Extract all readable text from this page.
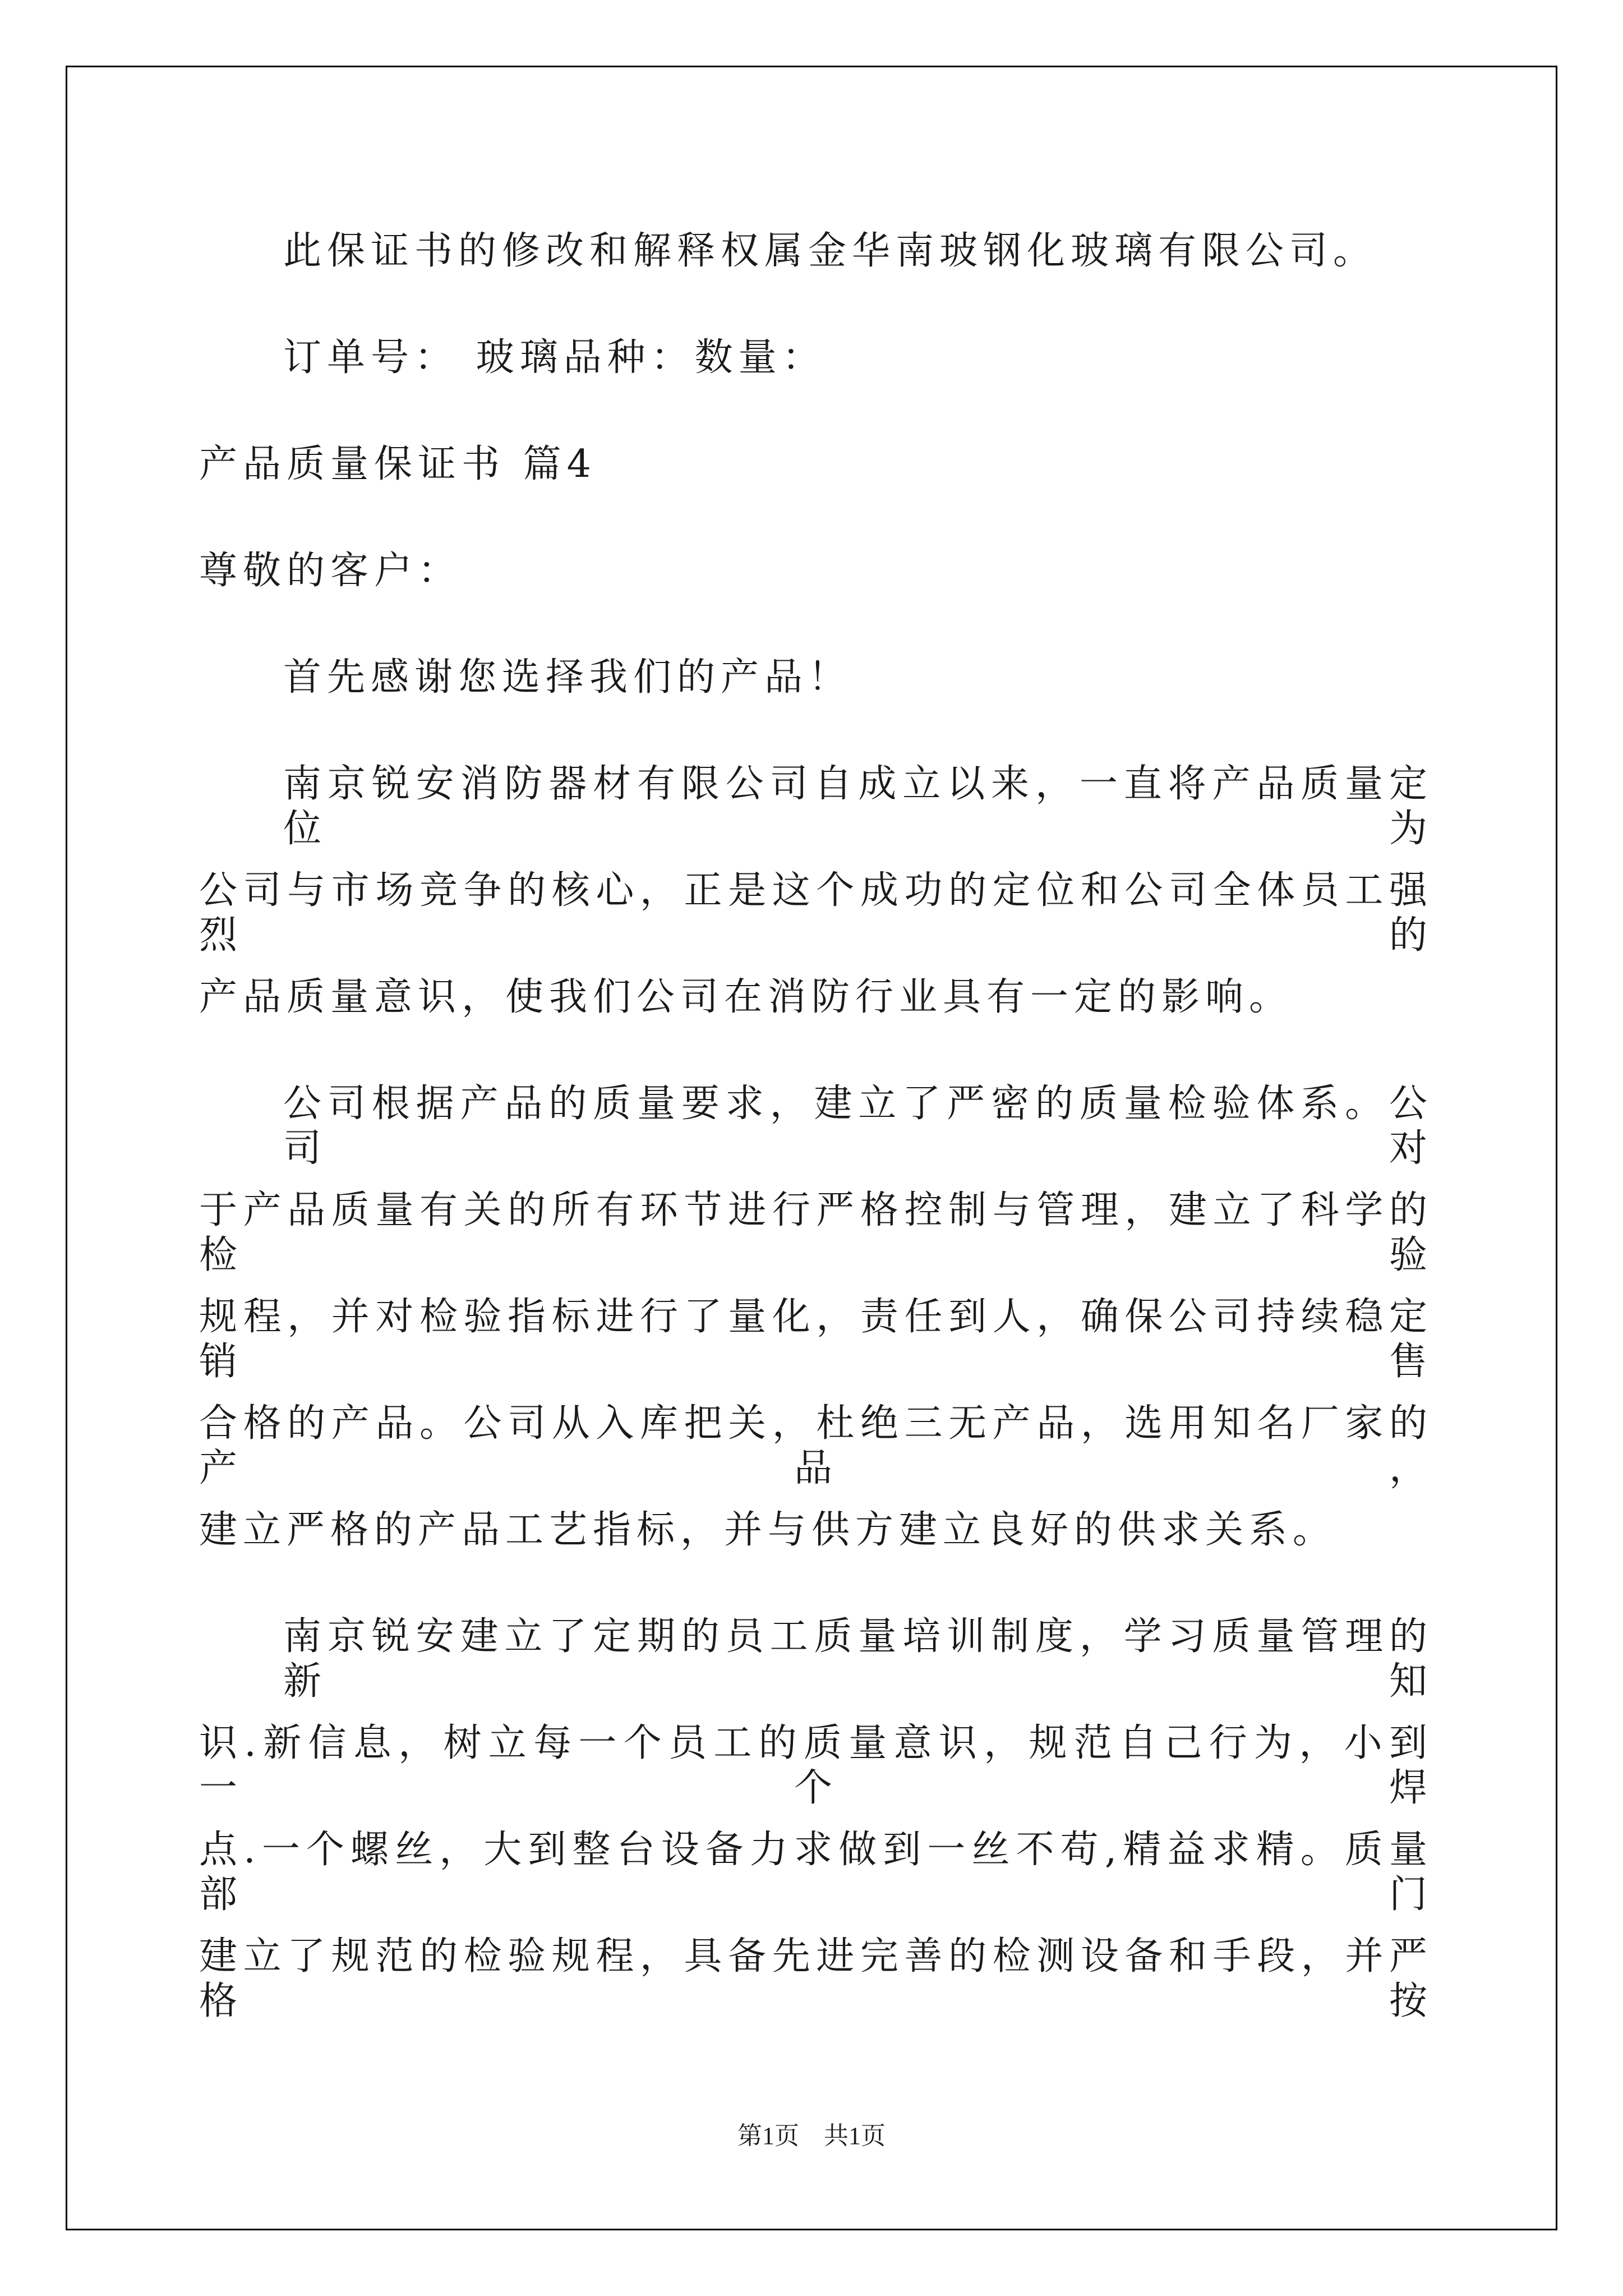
此保证书的修改和解释权属金华南玻钢化玻璃有限公司。
订单号： 玻璃品种：数量：
产品质量保证书 篇4
尊敬的客户：
首先感谢您选择我们的产品！
南京锐安消防器材有限公司自成立以来，一直将产品质量定位为
公司与市场竞争的核心，正是这个成功的定位和公司全体员工强烈的
产品质量意识，使我们公司在消防行业具有一定的影响。
公司根据产品的质量要求，建立了严密的质量检验体系。公司对
于产品质量有关的所有环节进行严格控制与管理，建立了科学的检验
规程，并对检验指标进行了量化，责任到人，确保公司持续稳定销售
合格的产品。公司从入库把关，杜绝三无产品，选用知名厂家的产品，
建立严格的产品工艺指标，并与供方建立良好的供求关系。
南京锐安建立了定期的员工质量培训制度，学习质量管理的新知
识.新信息，树立每一个员工的质量意识，规范自己行为，小到一个焊
点.一个螺丝，大到整台设备力求做到一丝不苟,精益求精。质量部门
建立了规范的检验规程，具备先进完善的检测设备和手段，并严格按
第1页 共1页
